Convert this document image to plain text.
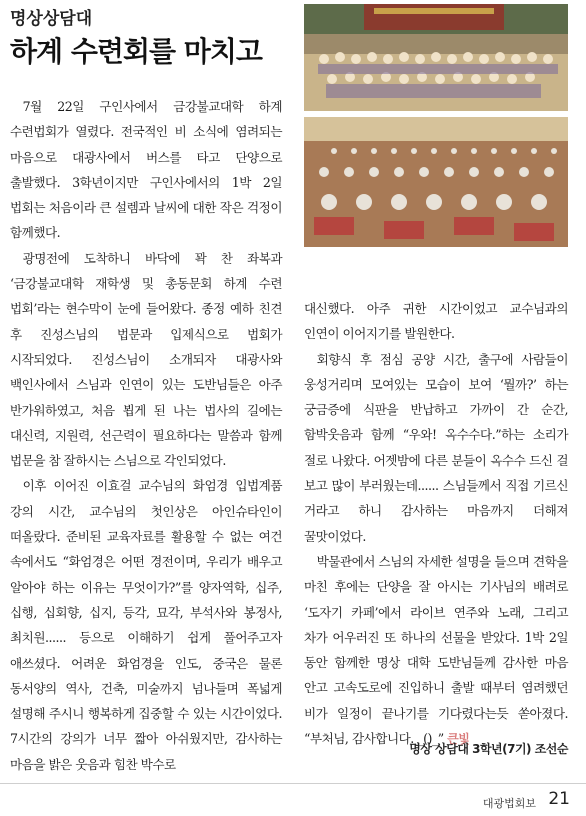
명상상담대
하계 수련회를 마치고

7월 22일 구인사에서 금강불교대학 하계 수련법회가 열렸다. 전국적인 비 소식에 염려되는 마음으로 대광사에서 버스를 타고 단양으로 출발했다. 3학년이지만 구인사에서의 1박 2일 법회는 처음이라 큰 설렘과 날씨에 대한 작은 걱정이 함께했다.

광명전에 도착하니 바닥에 꽉 찬 좌복과 ‘금강불교대학 재학생 및 총동문회 하계 수련 법회’라는 현수막이 눈에 들어왔다. 종정 예하 친견 후 진성스님의 법문과 입제식으로 법회가 시작되었다. 진성스님이 소개되자 대광사와 백인사에서 스님과 인연이 있는 도반님들은 아주 반가워하였고, 처음 뵙게 된 나는 법사의 길에는 대신력, 지원력, 선근력이 필요하다는 말씀과 함께 법문을 참 잘하시는 스님으로 각인되었다.

이후 이어진 이효걸 교수님의 화엄경 입법계품 강의 시간, 교수님의 첫인상은 아인슈타인이 떠올랐다. 준비된 교육자료를 활용할 수 없는 여건 속에서도 “화엄경은 어떤 경전이며, 우리가 배우고 알아야 하는 이유는 무엇이가?”를 양자역학, 십주, 십행, 십회향, 십지, 등각, 묘각, 부석사와 봉정사, 최치원...... 등으로 이해하기 쉽게 풀어주고자 애쓰셨다. 어려운 화엄경을 인도, 중국은 물론 동서양의 역사, 건축, 미술까지 넘나들며 폭넓게 설명해 주시니 행복하게 집중할 수 있는 시간이었다. 7시간의 강의가 너무 짧아 아쉬웠지만, 감사하는 마음을 밝은 웃음과 힘찬 박수로

대신했다. 아주 귀한 시간이었고 교수님과의 인연이 이어지기를 발원한다.

회향식 후 점심 공양 시간, 출구에 사람들이 웅성거리며 모여있는 모습이 보여 ‘뭘까?’ 하는 궁금증에 식판을 반납하고 가까이 간 순간, 함박웃음과 함께 “우와! 옥수수다.”하는 소리가 절로 나왔다. 어젯밤에 다른 분들이 옥수수 드신 걸 보고 많이 부러웠는데...... 스님들께서 직접 기르신 거라고 하니 감사하는 마음까지 더해져 꿀맛이었다.

박물관에서 스님의 자세한 설명을 들으며 견학을 마친 후에는 단양을 잘 아시는 기사님의 배려로 ‘도자기 카페’에서 라이브 연주와 노래, 그리고 차가 어우러진 또 하나의 선물을 받았다. 1박 2일 동안 함께한 명상 대학 도반님들께 감사한 마음 안고 고속도로에 진입하니 출발 때부터 염려했던 비가 일정이 끝나기를 기다렸다는듯 쏟아졌다. “부처님, 감사합니다. _()_” 큰빛

명상 상담대 3학년(7기) 조선순
대광법회보 21
